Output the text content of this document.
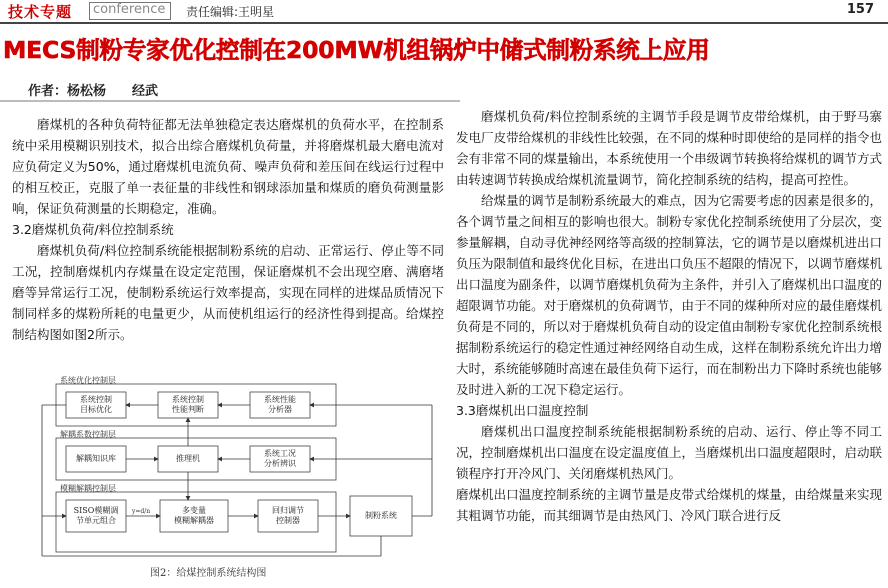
技术专题 conference 责任编辑:王明星	157
MECS制粉专家优化控制在200MW机组锅炉中储式制粉系统上应用
作者：杨松杨　　经武

磨煤机的各种负荷特征都无法单独稳定表达磨煤机的负荷水平，在控制系统中采用模糊识别技术，拟合出综合磨煤机负荷量，并将磨煤机最大磨电流对应负荷定义为50%，通过磨煤机电流负荷、噪声负荷和差压间在线运行过程中的相互校正，克服了单一表征量的非线性和钢球添加量和煤质的磨负荷测量影响，保证负荷测量的长期稳定，准确。

3.2磨煤机负荷/料位控制系统

磨煤机负荷/料位控制系统能根据制粉系统的启动、正常运行、停止等不同工况，控制磨煤机内存煤量在设定定范围，保证磨煤机不会出现空磨、满磨堵磨等异常运行工况，使制粉系统运行效率提高，实现在同样的进煤品质情况下制同样多的煤粉所耗的电量更少，从而使机组运行的经济性得到提高。给煤控制结构图如图2所示。

系统优化控制层
解耦系数控制层
模糊解耦控制层
系统控制
目标优化
系统控制
性能判断
系统性能
分析器
解耦知识库	推理机
系统工况
分析辨识
SISO模糊调
节单元组合
多变量
模糊解耦器
回归调节
控制器
制粉系统
y=d/n
图2：给煤控制系统结构图

磨煤机负荷/料位控制系统的主调节手段是调节皮带给煤机，由于野马寨发电厂皮带给煤机的非线性比较强，在不同的煤种时即使给的是同样的指令也会有非常不同的煤量输出，本系统使用一个串级调节转换将给煤机的调节方式由转速调节转换成给煤机流量调节，简化控制系统的结构，提高可控性。

给煤量的调节是制粉系统最大的难点，因为它需要考虑的因素是很多的，各个调节量之间相互的影响也很大。制粉专家优化控制系统使用了分层次，变参量解耦，自动寻优神经网络等高级的控制算法，它的调节是以磨煤机进出口负压为限制值和最终优化目标，在进出口负压不超限的情况下，以调节磨煤机出口温度为副条件，以调节磨煤机负荷为主条件，并引入了磨煤机出口温度的超限调节功能。对于磨煤机的负荷调节，由于不同的煤种所对应的最佳磨煤机负荷是不同的，所以对于磨煤机负荷自动的设定值由制粉专家优化控制系统根据制粉系统运行的稳定性通过神经网络自动生成，这样在制粉系统允许出力增大时，系统能够随时高速在最佳负荷下运行，而在制粉出力下降时系统也能够及时进入新的工况下稳定运行。

3.3磨煤机出口温度控制

磨煤机出口温度控制系统能根据制粉系统的启动、运行、停止等不同工况，控制磨煤机出口温度在设定温度值上，当磨煤机出口温度超限时，启动联锁程序打开冷风门、关闭磨煤机热风门。

磨煤机出口温度控制系统的主调节量是皮带式给煤机的煤量，由给煤量来实现其粗调节功能，而其细调节是由热风门、冷风门联合进行反
